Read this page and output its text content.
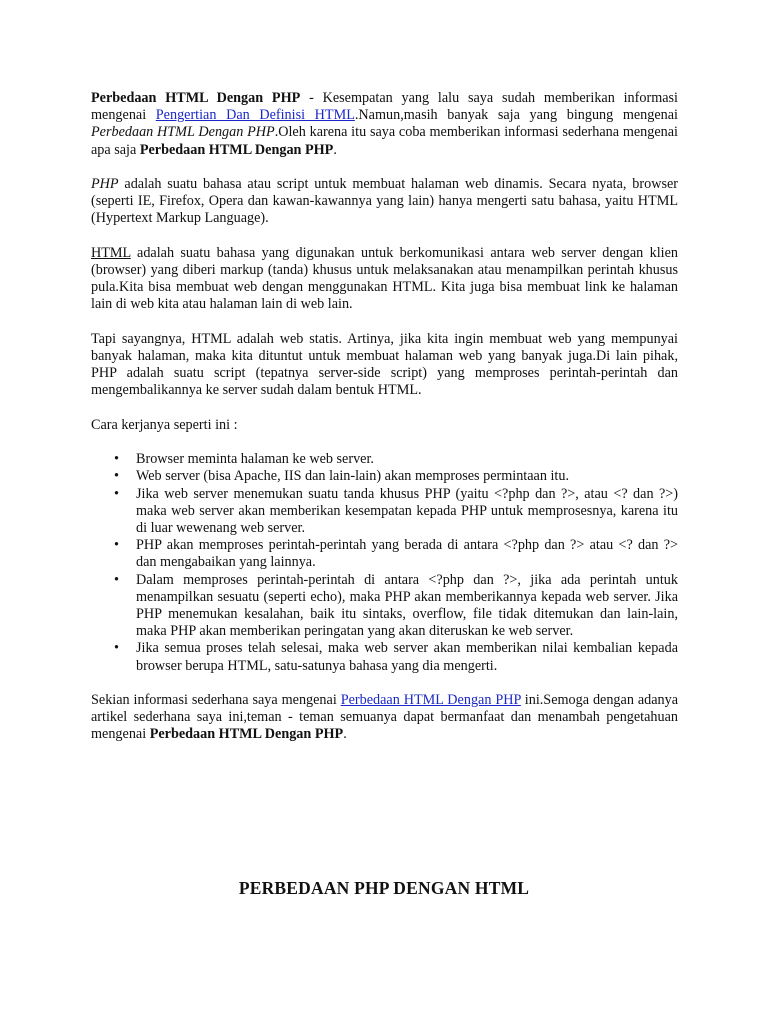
Perbedaan HTML Dengan PHP - Kesempatan yang lalu saya sudah memberikan informasi mengenai Pengertian Dan Definisi HTML.Namun,masih banyak saja yang bingung mengenai Perbedaan HTML Dengan PHP.Oleh karena itu saya coba memberikan informasi sederhana mengenai apa saja Perbedaan HTML Dengan PHP.

PHP adalah suatu bahasa atau script untuk membuat halaman web dinamis. Secara nyata, browser (seperti IE, Firefox, Opera dan kawan-kawannya yang lain) hanya mengerti satu bahasa, yaitu HTML (Hypertext Markup Language).

HTML adalah suatu bahasa yang digunakan untuk berkomunikasi antara web server dengan klien (browser) yang diberi markup (tanda) khusus untuk melaksanakan atau menampilkan perintah khusus pula.Kita bisa membuat web dengan menggunakan HTML. Kita juga bisa membuat link ke halaman lain di web kita atau halaman lain di web lain.

Tapi sayangnya, HTML adalah web statis. Artinya, jika kita ingin membuat web yang mempunyai banyak halaman, maka kita dituntut untuk membuat halaman web yang banyak juga.Di lain pihak, PHP adalah suatu script (tepatnya server-side script) yang memproses perintah-perintah dan mengembalikannya ke server sudah dalam bentuk HTML.

Cara kerjanya seperti ini :

• Browser meminta halaman ke web server.
• Web server (bisa Apache, IIS dan lain-lain) akan memproses permintaan itu.
• Jika web server menemukan suatu tanda khusus PHP (yaitu <?php dan ?>, atau <? dan ?>) maka web server akan memberikan kesempatan kepada PHP untuk memprosesnya, karena itu di luar wewenang web server.
• PHP akan memproses perintah-perintah yang berada di antara <?php dan ?> atau <? dan ?> dan mengabaikan yang lainnya.
• Dalam memproses perintah-perintah di antara <?php dan ?>, jika ada perintah untuk menampilkan sesuatu (seperti echo), maka PHP akan memberikannya kepada web server. Jika PHP menemukan kesalahan, baik itu sintaks, overflow, file tidak ditemukan dan lain-lain, maka PHP akan memberikan peringatan yang akan diteruskan ke web server.
• Jika semua proses telah selesai, maka web server akan memberikan nilai kembalian kepada browser berupa HTML, satu-satunya bahasa yang dia mengerti.

Sekian informasi sederhana saya mengenai Perbedaan HTML Dengan PHP ini.Semoga dengan adanya artikel sederhana saya ini,teman - teman semuanya dapat bermanfaat dan menambah pengetahuan mengenai Perbedaan HTML Dengan PHP.

PERBEDAAN PHP DENGAN HTML
